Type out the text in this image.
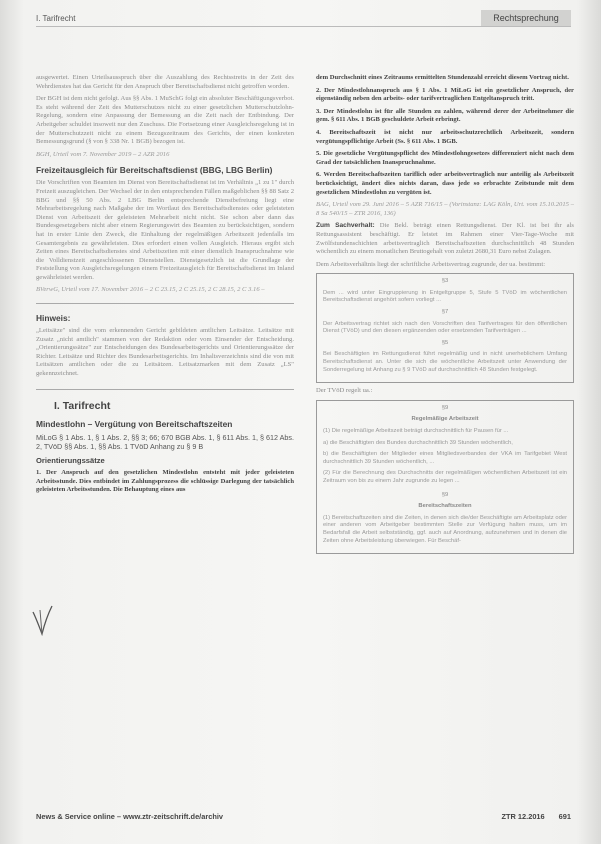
I. Tarifrecht	Rechtsprechung

ausgewertet. Einen Urteilsausspruch über die Auszahlung des Rechtsstreits in der Zeit des Wehrdienstes hat das Gericht für den Anspruch über Bereitschaftsdienst nicht getroffen worden.

Der BGH ist dem nicht gefolgt. Aus §§ Abs. 1 MuSchG folgt ein absoluter Beschäftigungsverbot. Es steht während der Zeit des Mutterschutzes nicht zu einer gesetzlichen Mutterschutzlohn-Regelung, sondern eine Anpassung der Bemessung an die Zeit nach der Entbindung. Der Arbeitgeber schuldet insoweit nur den Zuschuss. Die Fortsetzung einer Ausgleichsregelung ist in der Mutterschutzzeit nicht zu einem Bezugszeitraum des Gerichts, der einen konkreten Bemessungsgrund (§ von § 338 Nr. 1 BGB) bezogen ist.

BGH, Urteil vom 7. November 2019 – 2 AZR 2016

Freizeitausgleich für Bereitschaftsdienst (BBG, LBG Berlin)

Die Vorschriften von Beamten im Dienst von Bereitschaftsdienst ist im Verhältnis „1 zu 1" durch Freizeit auszugleichen. Der Wechsel der in den entsprechenden Fällen maßgeblichen §§ 88 Satz 2 BBG und §§ 50 Abs. 2 LBG Berlin entsprechende Dienstbefreiung liegt eine Mehrarbeitsregelung nach Maßgabe der im Wortlaut des Bereitschaftsdienstes oder geleisteten Dienst von Arbeitszeit der geleisteten Mehrarbeit nicht nicht. Sie schon aber dann das Bundesgesetzgebers nicht aber einem Regierungswirt des Beamten zu berücksichtigen, sondern hat in erster Linie den Zweck, die Einhaltung der regelmäßigen Arbeitszeit jedenfalls im Gesamtergebnis zu gewährleisten. Dies erfordert einen vollen Ausgleich. Hieraus ergibt sich Zeiten eines Bereitschaftsdienstes sind Arbeitszeiten mit einer dienstlich Inanspruchnahme wie die Volldienstzeit angeschlossenen Dienststellen. Dienstgesetzlich ist die Grundlage der Feststellung von Ausgleichsregelungen einem Freizeitausgleich für Bereitschaftsdienst im Inland gewährleistet werden.

BVerwG, Urteil vom 17. November 2016 – 2 C 23.15, 2 C 25.15, 2 C 28.15, 2 C 3.16 –

Hinweis:

„Leitsätze" sind die vom erkennenden Gericht gebildeten amtlichen Leitsätze. Leitsätze mit Zusatz „nicht amtlich" stammen von der Redaktion oder vom Einsender der Entscheidung. „Orientierungssätze" zur Entscheidungen des Bundesarbeitsgerichts und Orientierungssätze der Richter. Leitsätze und Richter des Bundesarbeitsgerichts. Im Inhaltsverzeichnis sind die von mit Leitsätzen amtlichen oder die zu Leitsätzen. Leitsatzmarken mit dem Zusatz „LS" gekennzeichnet.

I. Tarifrecht
Mindestlohn – Vergütung von Bereitschaftszeiten

MiLoG § 1 Abs. 1, § 1 Abs. 2, §§ 3; 66; 670 BGB Abs. 1, § 611 Abs. 1, § 612 Abs. 2, TVöD §§ Abs. 1, §§ Abs. 1 TVöD Anhang zu § 9 B

Orientierungssätze

1. Der Anspruch auf den gesetzlichen Mindestlohn entsteht mit jeder geleisteten Arbeitsstunde. Dies entbindet im Zahlungsprozess die schlüssige Darlegung der tatsächlich geleisteten Arbeitsstunden. Die Behauptung eines aus

dem Durchschnitt eines Zeitraums ermittelten Stundenzahl erreicht diesem Vortrag nicht.

2. Der Mindestlohnanspruch aus § 1 Abs. 1 MiLoG ist ein gesetzlicher Anspruch, der eigenständig neben den arbeits- oder tarifvertraglichen Entgeltanspruch tritt.

3. Der Mindestlohn ist für alle Stunden zu zahlen, während derer der Arbeitnehmer die gem. § 611 Abs. 1 BGB geschuldete Arbeit erbringt.

4. Bereitschaftszeit ist nicht nur arbeitsschutzrechtlich Arbeitszeit, sondern vergütungspflichtige Arbeit (Ss. § 611 Abs. 1 BGB.

5. Die gesetzliche Vergütungspflicht des Mindestlohngesetzes differenziert nicht nach dem Grad der tatsächlichen Inanspruchnahme.

6. Werden Bereitschaftszeiten tariflich oder arbeitsvertraglich nur anteilig als Arbeitszeit berücksichtigt, ändert dies nichts daran, dass jede so erbrachte Zeitstunde mit dem gesetzlichen Mindestlohn zu vergüten ist.

BAG, Urteil vom 29. Juni 2016 – 5 AZR 716/15 – (Vorinstanz: LAG Köln, Urt. vom 15.10.2015 – 8 Sa 540/15 – ZTR 2016, 136)

Zum Sachverhalt: Die Bekl. beträgt einen Rettungsdienst. Der Kl. ist bei ihr als Rettungsassistent beschäftigt. Er leistet im Rahmen einer Vier-Tage-Woche mit Zwölfstundenschichten arbeitsvertraglich Bereitschaftszeiten durchschnittlich 48 Stunden wöchentlich zu einem monatlichen Bruttogehalt von zuletzt 2680,31 Euro nebst Zulagen.

Dem Arbeitsverhältnis liegt der schriftliche Arbeitsvertrag zugrunde, der ua. bestimmt:

§3

Dem ... wird unter Eingruppierung in Entgeltgruppe 5, Stufe 5 TVöD im wöchentlichen Bereitschaftsdienst angehört sofern vorliegt ...

§7

Der Arbeitsvertrag richtet sich nach den Vorschriften des Tarifvertrages für den öffentlichen Dienst (TVöD) und den diesen ergänzenden oder ersetzenden Tarifverträgen ...

§5

Bei Beschäftigten im Rettungsdienst führt regelmäßig und in nicht unerheblichem Umfang Bereitschaftsdienst an. Unter die sich die wöchentliche Arbeitszeit unter Anwendung der Sonderregelung ist Anhang zu § 9 TVöD auf durchschnittlich 48 Stunden festgelegt.

Der TVöD regelt ua.:

§9

Regelmäßige Arbeitszeit

(1) Die regelmäßige Arbeitszeit beträgt durchschnittlich für Pausen für ...

a) die Beschäftigten des Bundes durchschnittlich 39 Stunden wöchentlich,

b) die Beschäftigten der Mitglieder eines Mitgliedsverbandes der VKA im Tarifgebiet West durchschnittlich 39 Stunden wöchentlich, ...

(2) Für die Berechnung des Durchschnitts der regelmäßigen wöchentlichen Arbeitszeit ist ein Zeitraum von bis zu einem Jahr zugrunde zu legen ...

§9

Bereitschaftszeiten

(1) Bereitschaftszeiten sind die Zeiten, in denen sich die/der Beschäftigte am Arbeitsplatz oder einer anderen vom Arbeitgeber bestimmten Stelle zur Verfügung halten muss, um im Bedarfsfall die Arbeit selbstständig, ggf. auch auf Anordnung, aufzunehmen und in denen die Zeiten ohne Arbeitsleistung überwiegen. Für Beschäf-

News & Service online – www.ztr-zeitschrift.de/archiv	ZTR 12.2016 691
